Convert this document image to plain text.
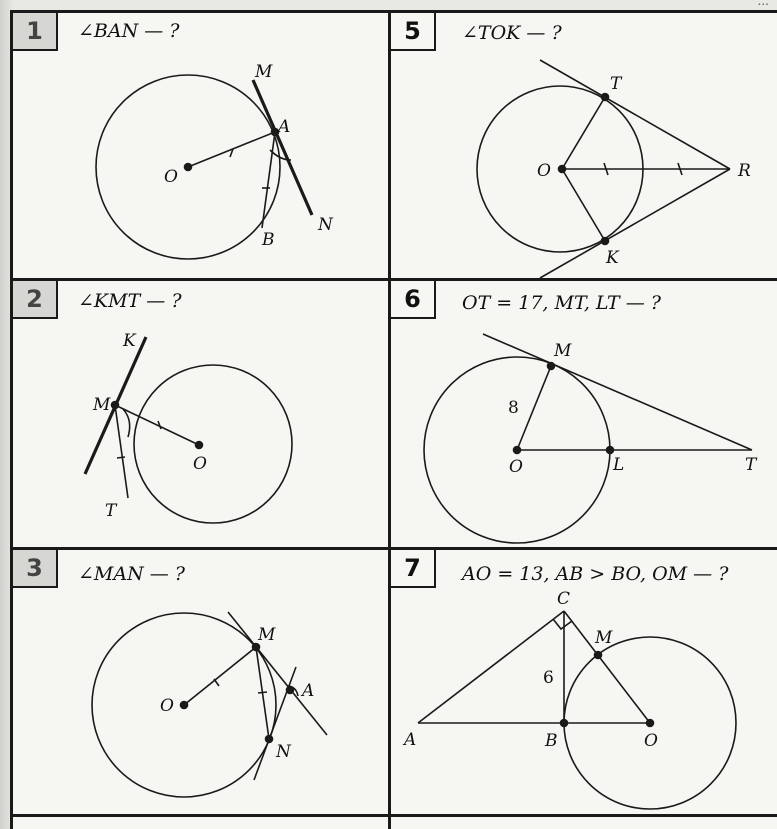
...
1
2
3
5
6
7
∠BAN — ?
∠KMT — ?
∠MAN — ?
∠TOK — ?
OT = 17, MT, LT — ?
AO = 13, AB > BO, OM — ?
M
A
O
N
B
K
M
O
T
M
O
A
N
T
O	R
K
M
8
O	L	T
C
M
6
A	B	O
